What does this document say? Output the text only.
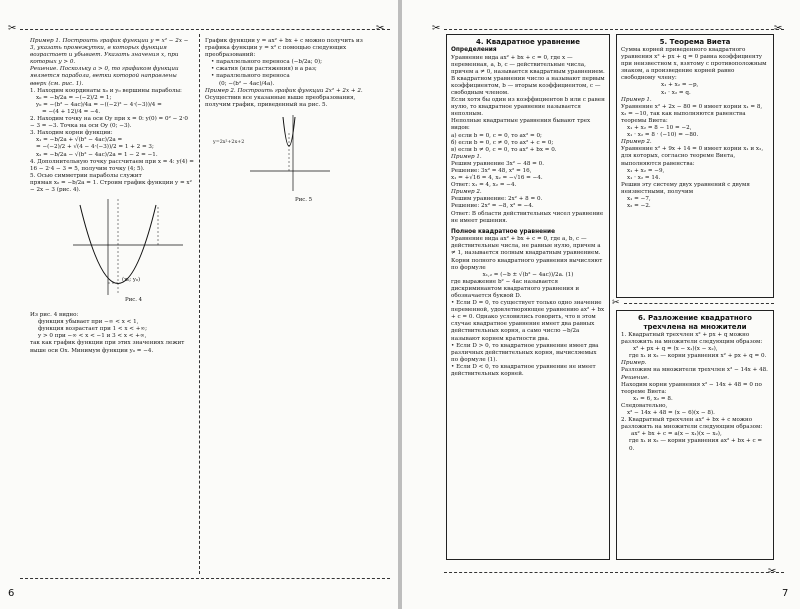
✂	✂

Пример 1. Построить график функции y = x² − 2x − 3, указать промежутки, в которых функция возрастает и убывает. Указать значения x, при которых y > 0.

Решение. Поскольку a > 0, то графиком функции является парабола, ветки которой направлены вверх (см. рис. 1).

1. Находим координаты x₀ и y₀ вершины параболы:

x₀ = −b/2a = −(−2)/2 = 1;

y₀ = −(b² − 4ac)/4a = −((−2)² − 4·(−3))/4 =

= −(4 + 12)/4 = −4.

2. Находим точку на оси Oy при x = 0: y(0) = 0² − 2·0 − 3 = −3. Точка на оси Oy (0; −3).

3. Находим корни функции:

x₁ = −b/2a + √(b² − 4ac)/2a =

= −(−2)/2 + √(4 − 4·(−3))/2 = 1 + 2 = 3;

x₂ = −b/2a − √(b² − 4ac)/2a = 1 − 2 = −1.

4. Дополнительную точку рассчитаем при x = 4: y(4) = 16 − 2·4 − 3 = 5, получим точку (4; 5).

5. Осью симметрии параболы служит

прямая x₀ = −b/2a = 1. Строим график функции y = x² − 2x − 3 (рис. 4).

(x₀; y₀)
Рис. 4

Из рис. 4 видно:

функция убывает при −∞ < x < 1,

функция возрастает при 1 < x < +∞;

y > 0 при −∞ < x < −1 и 3 < x < +∞,

так как график функции при этих значениях лежит выше оси Ox. Минимум функции y₀ = −4.

График функции y = ax² + bx + c можно получить из графика функции y = x² с помощью следующих преобразований:

• параллельного переноса (−b/2a; 0);

• сжатия (или растяжения) в a раз;

• параллельного переноса

(0; −(b² − 4ac)/4a).

Пример 2. Построить график функции 2x² + 2x + 2.

Осуществив все указанные выше преобразования, получим график, приведенный на рис. 5.

y=2x²+2x+2
Рис. 5
6
✂	✂
4. Квадратное уравнение
Определения

Уравнение вида ax² + bx + c = 0, где x — переменная, a, b, c — действительные числа, причем a ≠ 0, называется квадратным уравнением.

В квадратном уравнении число a называют первым коэффициентом, b — вторым коэффициентом, c — свободным членом.

Если хотя бы один из коэффициентов b или c равен нулю, то квадратное уравнение называется неполным.

Неполные квадратные уравнения бывают трех видов:

а) если b = 0, c = 0, то ax² = 0;

б) если b = 0, c ≠ 0, то ax² + c = 0;

в) если b ≠ 0, c = 0, то ax² + bx = 0.

Пример 1.

Решим уравнение 3x² − 48 = 0.

Решение: 3x² = 48, x² = 16,

x₁ = +√16 = 4, x₂ = −√16 = −4.

Ответ: x₁ = 4, x₂ = −4.

Пример 2.

Решим уравнение: 2x² + 8 = 0.

Решение: 2x² = −8, x² = −4.

Ответ: В области действительных чисел уравнение не имеет решения.

Полное квадратное уравнение

Уравнение вида ax² + bx + c = 0, где a, b, c — действительные числа, не равные нулю, причем a ≠ 1, называется полным квадратным уравнением.

Корни полного квадратного уравнения вычисляют по формуле

x₁,₂ = (−b ± √(b² − 4ac))/2a. (1)

где выражение b² − 4ac называется дискриминантом квадратного уравнения и обозначается буквой D.

• Если D = 0, то существует только одно значение переменной, удовлетворяющее уравнению ax² + bx + c = 0. Однако условились говорить, что в этом случае квадратное уравнение имеет два равных действительных корня, а само число −b/2a называют корнем кратности два.

• Если D > 0, то квадратное уравнение имеет два различных действительных корня, вычисляемых по формуле (1).

• Если D < 0, то квадратное уравнение не имеет действительных корней.

5. Теорема Виета

Сумма корней приведенного квадратного уравнения x² + px + q = 0 равна коэффициенту при неизвестном x, взятому с противоположным знаком, а произведение корней равно свободному члену:

x₁ + x₂ = −p,

x₁ · x₂ = q.

Пример 1.

Уравнение x² + 2x − 80 = 0 имеет корни x₁ = 8, x₂ = −10, так как выполняются равенства теоремы Виета:

x₁ + x₂ = 8 − 10 = −2,

x₁ · x₂ = 8 · (−10) = −80.

Пример 2.

Уравнение x² + 9x + 14 = 0 имеет корни x₁ и x₂, для которых, согласно теореме Виета, выполняются равенства:

x₁ + x₂ = −9,

x₁ · x₂ = 14.

Решив эту систему двух уравнений с двумя неизвестными, получим

x₁ = −7,

x₂ = −2.

✂
6. Разложение квадратного трехчлена на множители

1. Квадратный трехчлен x² + px + q можно разложить на множители следующим образом:

x² + px + q = (x − x₁)(x − x₂),

где x₁ и x₂ — корни уравнения x² + px + q = 0.

Пример.

Разложим на множители трехчлен x² − 14x + 48.

Решение.

Находим корни уравнения x² − 14x + 48 = 0 по теореме Виета:

x₁ = 6, x₂ = 8.

Следовательно,

x² − 14x + 48 = (x − 6)(x − 8).

2. Квадратный трехчлен ax² + bx + c можно разложить на множители следующим образом:

ax² + bx + c = a(x − x₁)(x − x₂),

где x₁ и x₂ — корни уравнения ax² + bx + c = 0.

✂
7
